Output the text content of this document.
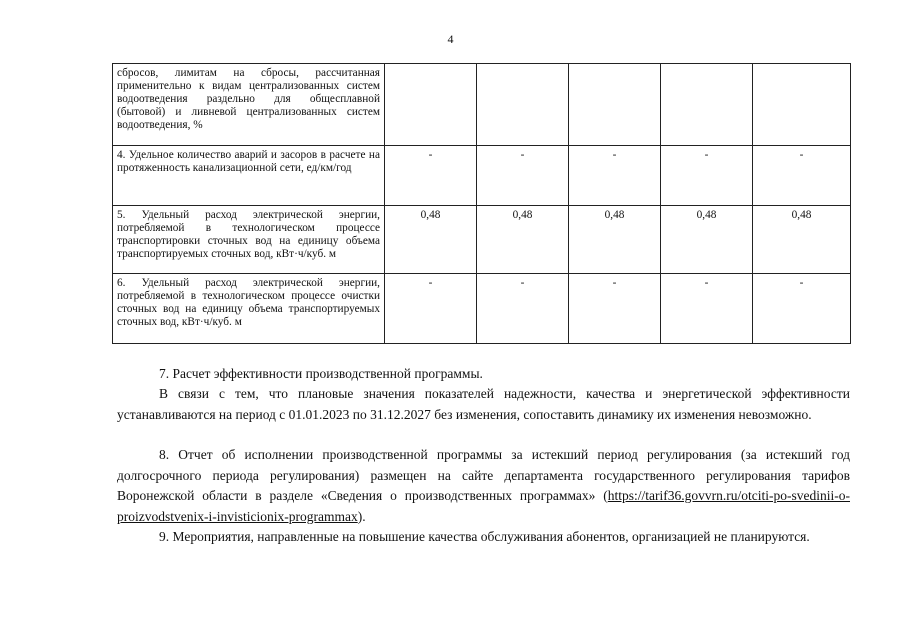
4
сбросов, лимитам на сбросы, рассчитанная применительно к видам централизованных систем водоотведения раздельно для общесплавной (бытовой) и ливневой централизованных систем водоотведения, %					
4. Удельное количество аварий и засоров в расчете на протяженность канализационной сети, ед/км/год	-	-	-	-	-
5. Удельный расход электрической энергии, потребляемой в технологическом процессе транспортировки сточных вод на единицу объема транспортируемых сточных вод, кВт·ч/куб. м	0,48	0,48	0,48	0,48	0,48
6. Удельный расход электрической энергии, потребляемой в технологическом процессе очистки сточных вод на единицу объема транспортируемых сточных вод, кВт·ч/куб. м	-	-	-	-	-
7. Расчет эффективности производственной программы.
В связи с тем, что плановые значения показателей надежности, качества и энергетической эффективности устанавливаются на период с 01.01.2023 по 31.12.2027 без изменения, сопоставить динамику их изменения невозможно.
8. Отчет об исполнении производственной программы за истекший период регулирования (за истекший год долгосрочного периода регулирования) размещен на сайте департамента государственного регулирования тарифов Воронежской области в разделе «Сведения о производственных программах» (https://tarif36.govvrn.ru/otciti-po-svedinii-o-proizvodstvenix-i-invisticionix-programmax).
9. Мероприятия, направленные на повышение качества обслуживания абонентов, организацией не планируются.
